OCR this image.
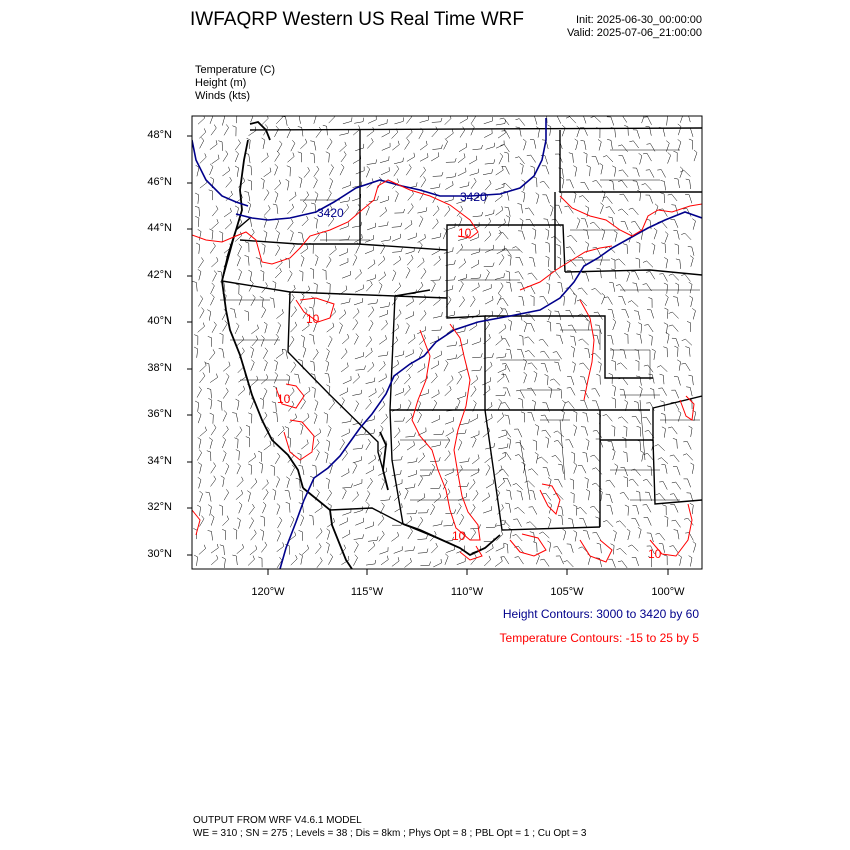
3420
3420
10
10
10
10
10
IWFAQRP Western US Real Time WRF	Init: 2025-06-30_00:00:00
Valid: 2025-07-06_21:00:00
Temperature (C)
Height (m)
Winds (kts)
48°N
46°N
44°N
42°N
40°N
38°N
36°N
34°N
32°N
30°N
120°W	115°W	110°W	105°W	100°W
Height Contours: 3000 to 3420 by 60
Temperature Contours: -15 to 25 by 5
OUTPUT FROM WRF V4.6.1 MODEL
WE = 310 ; SN = 275 ; Levels = 38 ; Dis = 8km ; Phys Opt = 8 ; PBL Opt = 1 ; Cu Opt = 3
